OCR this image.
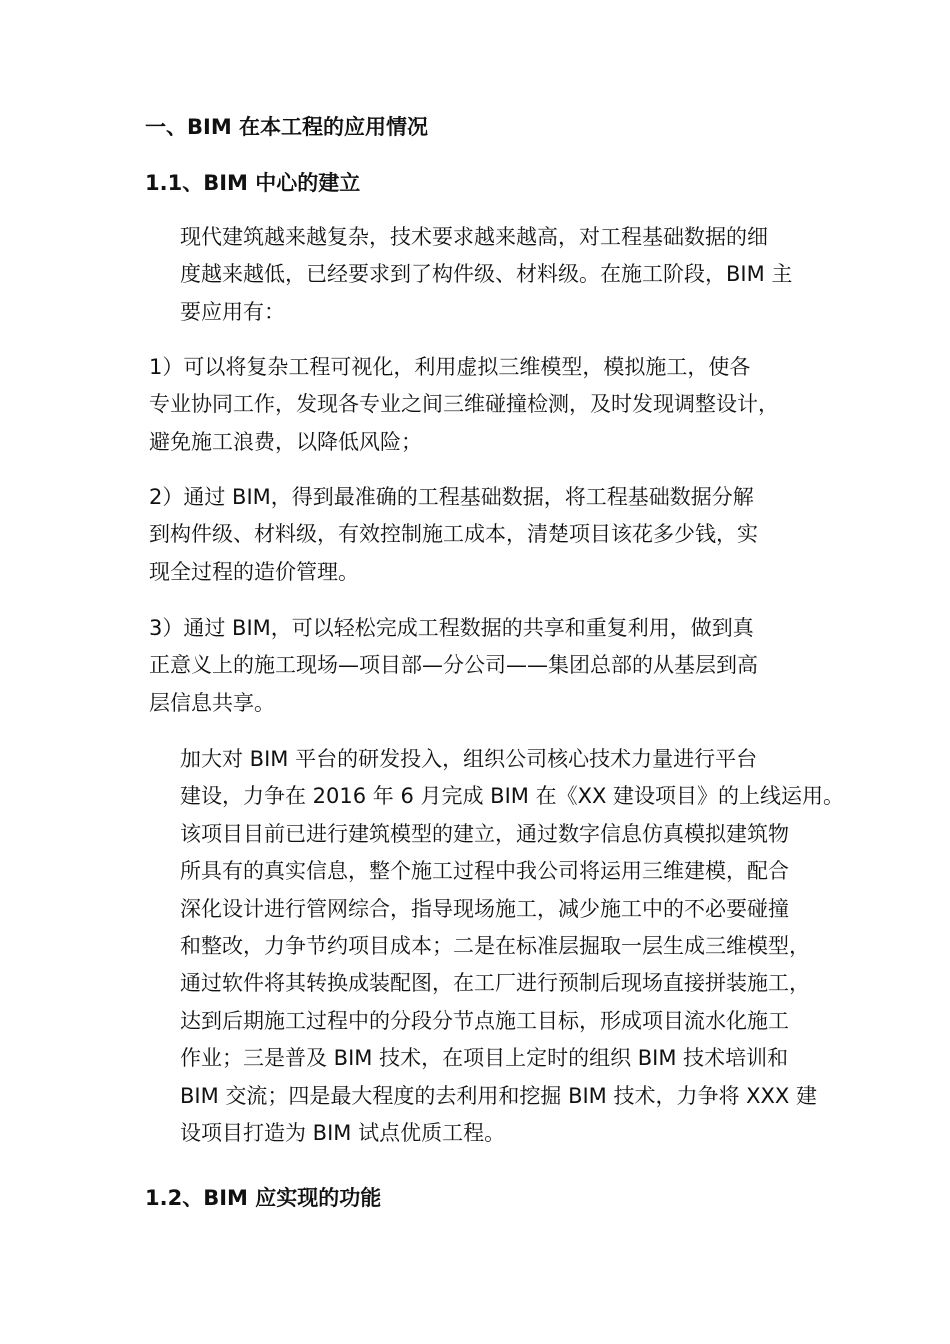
一、BIM 在本工程的应用情况
1.1、BIM 中心的建立

现代建筑越来越复杂，技术要求越来越高，对工程基础数据的细
度越来越低，已经要求到了构件级、材料级。在施工阶段，BIM 主
要应用有：

1）可以将复杂工程可视化，利用虚拟三维模型，模拟施工，使各
专业协同工作，发现各专业之间三维碰撞检测，及时发现调整设计，
避免施工浪费，以降低风险；

2）通过 BIM，得到最准确的工程基础数据，将工程基础数据分解
到构件级、材料级，有效控制施工成本，清楚项目该花多少钱，实
现全过程的造价管理。

3）通过 BIM，可以轻松完成工程数据的共享和重复利用，做到真
正意义上的施工现场—项目部—分公司——集团总部的从基层到高
层信息共享。

加大对 BIM 平台的研发投入，组织公司核心技术力量进行平台
建设，力争在 2016 年 6 月完成 BIM 在《XX 建设项目》的上线运用。
该项目目前已进行建筑模型的建立，通过数字信息仿真模拟建筑物
所具有的真实信息，整个施工过程中我公司将运用三维建模，配合
深化设计进行管网综合，指导现场施工，减少施工中的不必要碰撞
和整改，力争节约项目成本；二是在标准层掘取一层生成三维模型，
通过软件将其转换成装配图，在工厂进行预制后现场直接拼装施工，
达到后期施工过程中的分段分节点施工目标，形成项目流水化施工
作业；三是普及 BIM 技术，在项目上定时的组织 BIM 技术培训和
BIM 交流；四是最大程度的去利用和挖掘 BIM 技术，力争将 XXX 建
设项目打造为 BIM 试点优质工程。

1.2、BIM 应实现的功能
